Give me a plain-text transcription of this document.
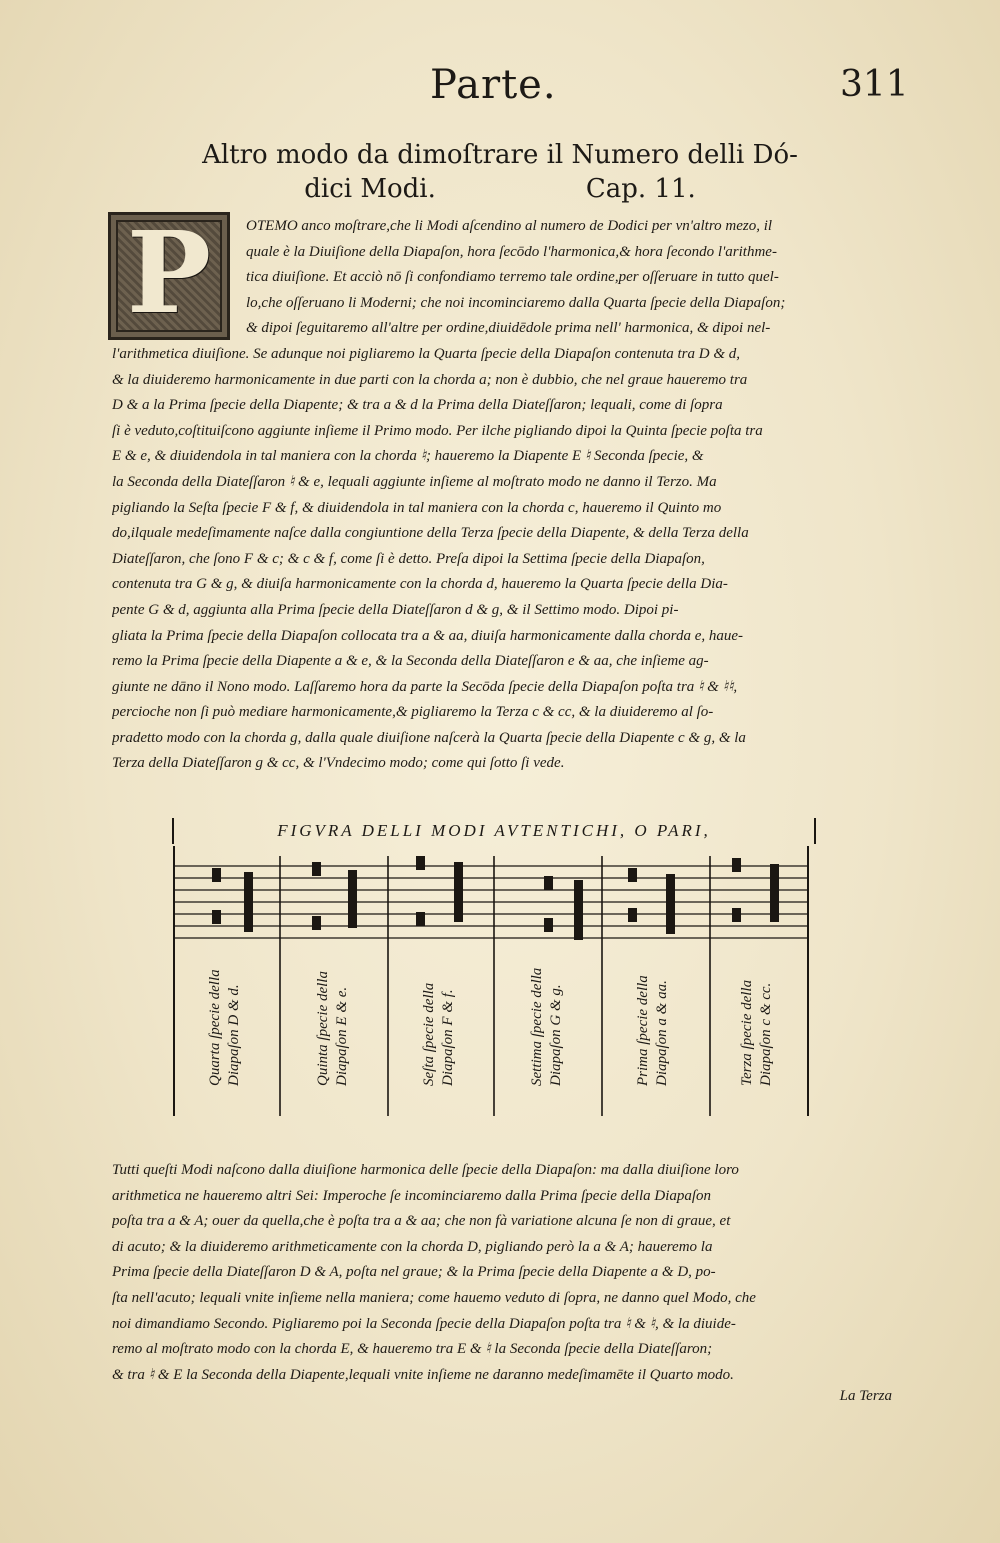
Parte.	311
Altro modo da dimoſtrare il Numero delli Dó-
dici Modi.	Cap. 11.
P	OTEMO anco moſtrare,che li Modi aſcendino al numero de Dodici per vn'altro mezo, il
quale è la Diuiſione della Diapaſon, hora ſecōdo l'harmonica,& hora ſecondo l'arithme-
tica diuiſione. Et acciò nō ſi confondiamo terremo tale ordine,per oſſeruare in tutto quel-
lo,che oſſeruano li Moderni; che noi incominciaremo dalla Quarta ſpecie della Diapaſon;
& dipoi ſeguitaremo all'altre per ordine,diuidēdole prima nell' harmonica, & dipoi nel-
l'arithmetica diuiſione. Se adunque noi pigliaremo la Quarta ſpecie della Diapaſon contenuta tra D & d,
& la diuideremo harmonicamente in due parti con la chorda a; non è dubbio, che nel graue haueremo tra
D & a la Prima ſpecie della Diapente; & tra a & d la Prima della Diateſſaron; lequali, come di ſopra
ſi è veduto,coſtituiſcono aggiunte inſieme il Primo modo. Per ilche pigliando dipoi la Quinta ſpecie poſta tra
E & e, & diuidendola in tal maniera con la chorda ♮; haueremo la Diapente E ♮ Seconda ſpecie, &
la Seconda della Diateſſaron ♮ & e, lequali aggiunte inſieme al moſtrato modo ne danno il Terzo. Ma
pigliando la Seſta ſpecie F & f, & diuidendola in tal maniera con la chorda c, haueremo il Quinto mo
do,ilquale medeſimamente naſce dalla congiuntione della Terza ſpecie della Diapente, & della Terza della
Diateſſaron, che ſono F & c; & c & f, come ſi è detto. Preſa dipoi la Settima ſpecie della Diapaſon,
contenuta tra G & g, & diuiſa harmonicamente con la chorda d, haueremo la Quarta ſpecie della Dia-
pente G & d, aggiunta alla Prima ſpecie della Diateſſaron d & g, & il Settimo modo. Dipoi pi-
gliata la Prima ſpecie della Diapaſon collocata tra a & aa, diuiſa harmonicamente dalla chorda e, haue-
remo la Prima ſpecie della Diapente a & e, & la Seconda della Diateſſaron e & aa, che inſieme ag-
giunte ne dāno il Nono modo. Laſſaremo hora da parte la Secōda ſpecie della Diapaſon poſta tra ♮ & ♮♮,
percioche non ſi può mediare harmonicamente,& pigliaremo la Terza c & cc, & la diuideremo al ſo-
pradetto modo con la chorda g, dalla quale diuiſione naſcerà la Quarta ſpecie della Diapente c & g, & la
Terza della Diateſſaron g & cc, & l'Vndecimo modo; come qui ſotto ſi vede.
FIGVRA DELLI MODI AVTENTICHI, O PARI,
Quarta ſpecie della Diapaſon D & d.	Quinta ſpecie della Diapaſon E & e.	Seſta ſpecie della Diapaſon F & f.	Settima ſpecie della Diapaſon G & g.	Prima ſpecie della Diapaſon a & aa.	Terza ſpecie della Diapaſon c & cc.
Tutti queſti Modi naſcono dalla diuiſione harmonica delle ſpecie della Diapaſon: ma dalla diuiſione loro
arithmetica ne haueremo altri Sei: Imperoche ſe incominciaremo dalla Prima ſpecie della Diapaſon
poſta tra a & A; ouer da quella,che è poſta tra a & aa; che non fà variatione alcuna ſe non di graue, et
di acuto; & la diuideremo arithmeticamente con la chorda D, pigliando però la a & A; haueremo la
Prima ſpecie della Diateſſaron D & A, poſta nel graue; & la Prima ſpecie della Diapente a & D, po-
ſta nell'acuto; lequali vnite inſieme nella maniera; come hauemo veduto di ſopra, ne danno quel Modo, che
noi dimandiamo Secondo. Pigliaremo poi la Seconda ſpecie della Diapaſon poſta tra ♮ & ♮, & la diuide-
remo al moſtrato modo con la chorda E, & haueremo tra E & ♮ la Seconda ſpecie della Diateſſaron;
& tra ♮ & E la Seconda della Diapente,lequali vnite inſieme ne daranno medeſimamēte il Quarto modo.
La Terza
